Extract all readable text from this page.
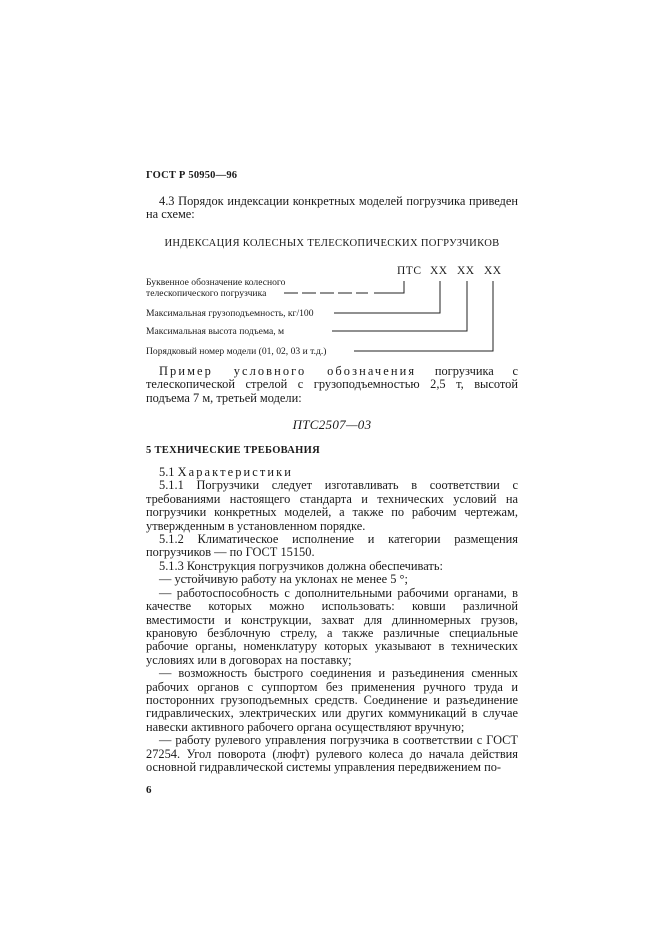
ГОСТ Р 50950—96

4.3 Порядок индексации конкретных моделей погрузчика приведен на схеме:

ИНДЕКСАЦИЯ КОЛЕСНЫХ ТЕЛЕСКОПИЧЕСКИХ ПОГРУЗЧИКОВ
ПТС ХХ ХХ ХХ
Буквенное обозначение колесного
телескопического погрузчика
Максимальная грузоподъемность, кг/100
Максимальная высота подъема, м
Порядковый номер модели (01, 02, 03 и т.д.)

Пример условного обозначения погрузчика с телескопической стрелой с грузоподъемностью 2,5 т, высотой подъема 7 м, третьей модели:

ПТС2507—03
5 ТЕХНИЧЕСКИЕ ТРЕБОВАНИЯ
5.1 Характеристики

5.1.1 Погрузчики следует изготавливать в соответствии с требованиями настоящего стандарта и технических условий на погрузчики конкретных моделей, а также по рабочим чертежам, утвержденным в установленном порядке.

5.1.2 Климатическое исполнение и категории размещения погрузчиков — по ГОСТ 15150.

5.1.3 Конструкция погрузчиков должна обеспечивать:

— устойчивую работу на уклонах не менее 5 °;

— работоспособность с дополнительными рабочими органами, в качестве которых можно использовать: ковши различной вместимости и конструкции, захват для длинномерных грузов, крановую безблочную стрелу, а также различные специальные рабочие органы, номенклатуру которых указывают в технических условиях или в договорах на поставку;

— возможность быстрого соединения и разъединения сменных рабочих органов с суппортом без применения ручного труда и посторонних грузоподъемных средств. Соединение и разъединение гидравлических, электрических или других коммуникаций в случае навески активного рабочего органа осуществляют вручную;

— работу рулевого управления погрузчика в соответствии с ГОСТ 27254. Угол поворота (люфт) рулевого колеса до начала действия основной гидравлической системы управления передвижением по-

6
